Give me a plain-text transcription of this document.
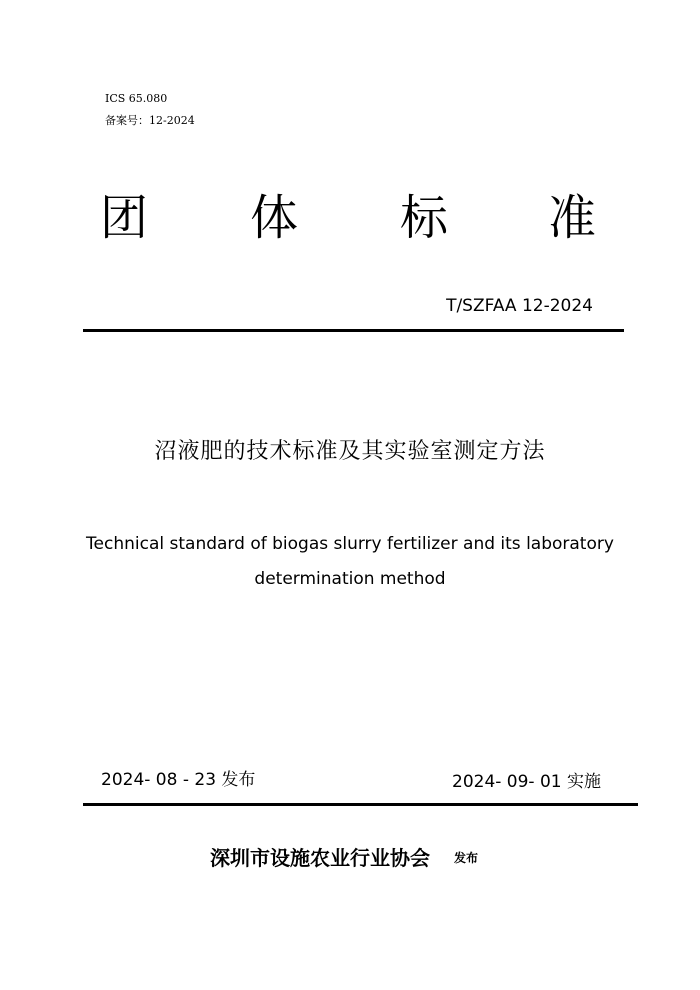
ICS 65.080
备案号：12-2024
团 体 标 准
T/SZFAA 12-2024
沼液肥的技术标准及其实验室测定方法
Technical standard of biogas slurry fertilizer and its laboratory
determination method
2024- 08 - 23 发布	2024- 09- 01 实施
深圳市设施农业行业协会 发布
